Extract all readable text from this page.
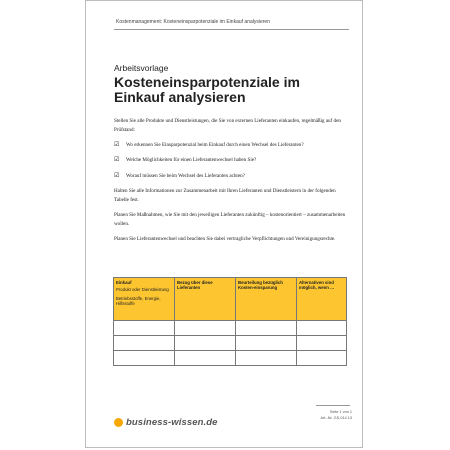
Kostenmanagement: Kosteneinsparpotenziale im Einkauf analysieren
Arbeitsvorlage
Kosteneinsparpotenziale im Einkauf analysieren

Stellen Sie alle Produkte und Dienstleistungen, die Sie von externen Lieferanten einkaufen, regelmäßig auf den Prüfstand:

☑ Wo erkennen Sie Einsparpotenzial beim Einkauf durch einen Wechsel des Lieferanten?
☑ Welche Möglichkeiten für einen Lieferantenwechsel haben Sie?
☑ Worauf müssen Sie beim Wechsel des Lieferanten achten?

Halten Sie alle Informationen zur Zusammenarbeit mit Ihren Lieferanten und Dienstleistern in der folgenden Tabelle fest.

Planen Sie Maßnahmen, wie Sie mit den jeweiligen Lieferanten zukünftig – kostenorientiert – zusammenarbeiten wollen.

Planen Sie Lieferantenwechsel und beachten Sie dabei vertragliche Verpflichtungen und Vereinigungsrechte.

Einkauf
Produkt oder Dienstleistung
Betriebsstoffe, Energie, Hilfsstoffe	Bezug über diese Lieferanten	Beurteilung bezüglich Kosten-einsparung	Alternativen sind möglich, wenn …

Seite 1 von 1
Art.-Nr. GS-014 13
business-wissen.de
